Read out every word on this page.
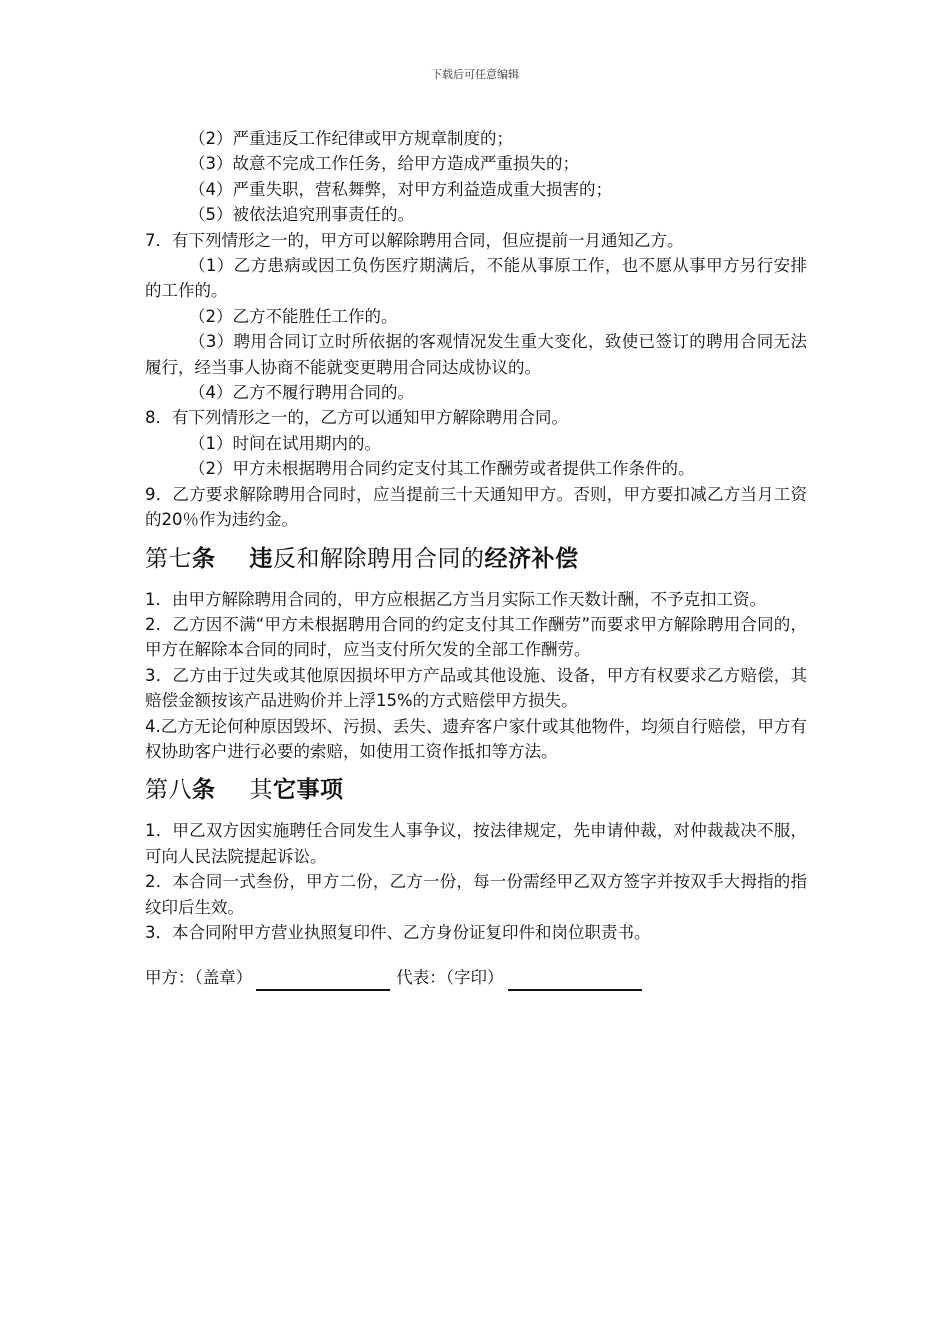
下载后可任意编辑
（2）严重违反工作纪律或甲方规章制度的；
（3）故意不完成工作任务，给甲方造成严重损失的；
（4）严重失职，营私舞弊，对甲方利益造成重大损害的；
（5）被依法追究刑事责任的。
7．有下列情形之一的，甲方可以解除聘用合同，但应提前一月通知乙方。
（1）乙方患病或因工负伤医疗期满后，不能从事原工作，也不愿从事甲方另行安排的工作的。
（2）乙方不能胜任工作的。
（3）聘用合同订立时所依据的客观情况发生重大变化，致使已签订的聘用合同无法履行，经当事人协商不能就变更聘用合同达成协议的。
（4）乙方不履行聘用合同的。
8．有下列情形之一的，乙方可以通知甲方解除聘用合同。
（1）时间在试用期内的。
（2）甲方未根据聘用合同约定支付其工作酬劳或者提供工作条件的。
9．乙方要求解除聘用合同时，应当提前三十天通知甲方。否则，甲方要扣减乙方当月工资的20％作为违约金。
第七条 违反和解除聘用合同的经济补偿
1．由甲方解除聘用合同的，甲方应根据乙方当月实际工作天数计酬，不予克扣工资。
2．乙方因不满“甲方未根据聘用合同的约定支付其工作酬劳”而要求甲方解除聘用合同的，甲方在解除本合同的同时，应当支付所欠发的全部工作酬劳。
3．乙方由于过失或其他原因损坏甲方产品或其他设施、设备，甲方有权要求乙方赔偿，其赔偿金额按该产品进购价并上浮15%的方式赔偿甲方损失。
4.乙方无论何种原因毁坏、污损、丢失、遗弃客户家什或其他物件，均须自行赔偿，甲方有权协助客户进行必要的索赔，如使用工资作抵扣等方法。
第八条 其它事项
1．甲乙双方因实施聘任合同发生人事争议，按法律规定，先申请仲裁，对仲裁裁决不服，可向人民法院提起诉讼。
2．本合同一式叁份，甲方二份，乙方一份，每一份需经甲乙双方签字并按双手大拇指的指纹印后生效。
3．本合同附甲方营业执照复印件、乙方身份证复印件和岗位职责书。
甲方：（盖章）	代表：（字印）
